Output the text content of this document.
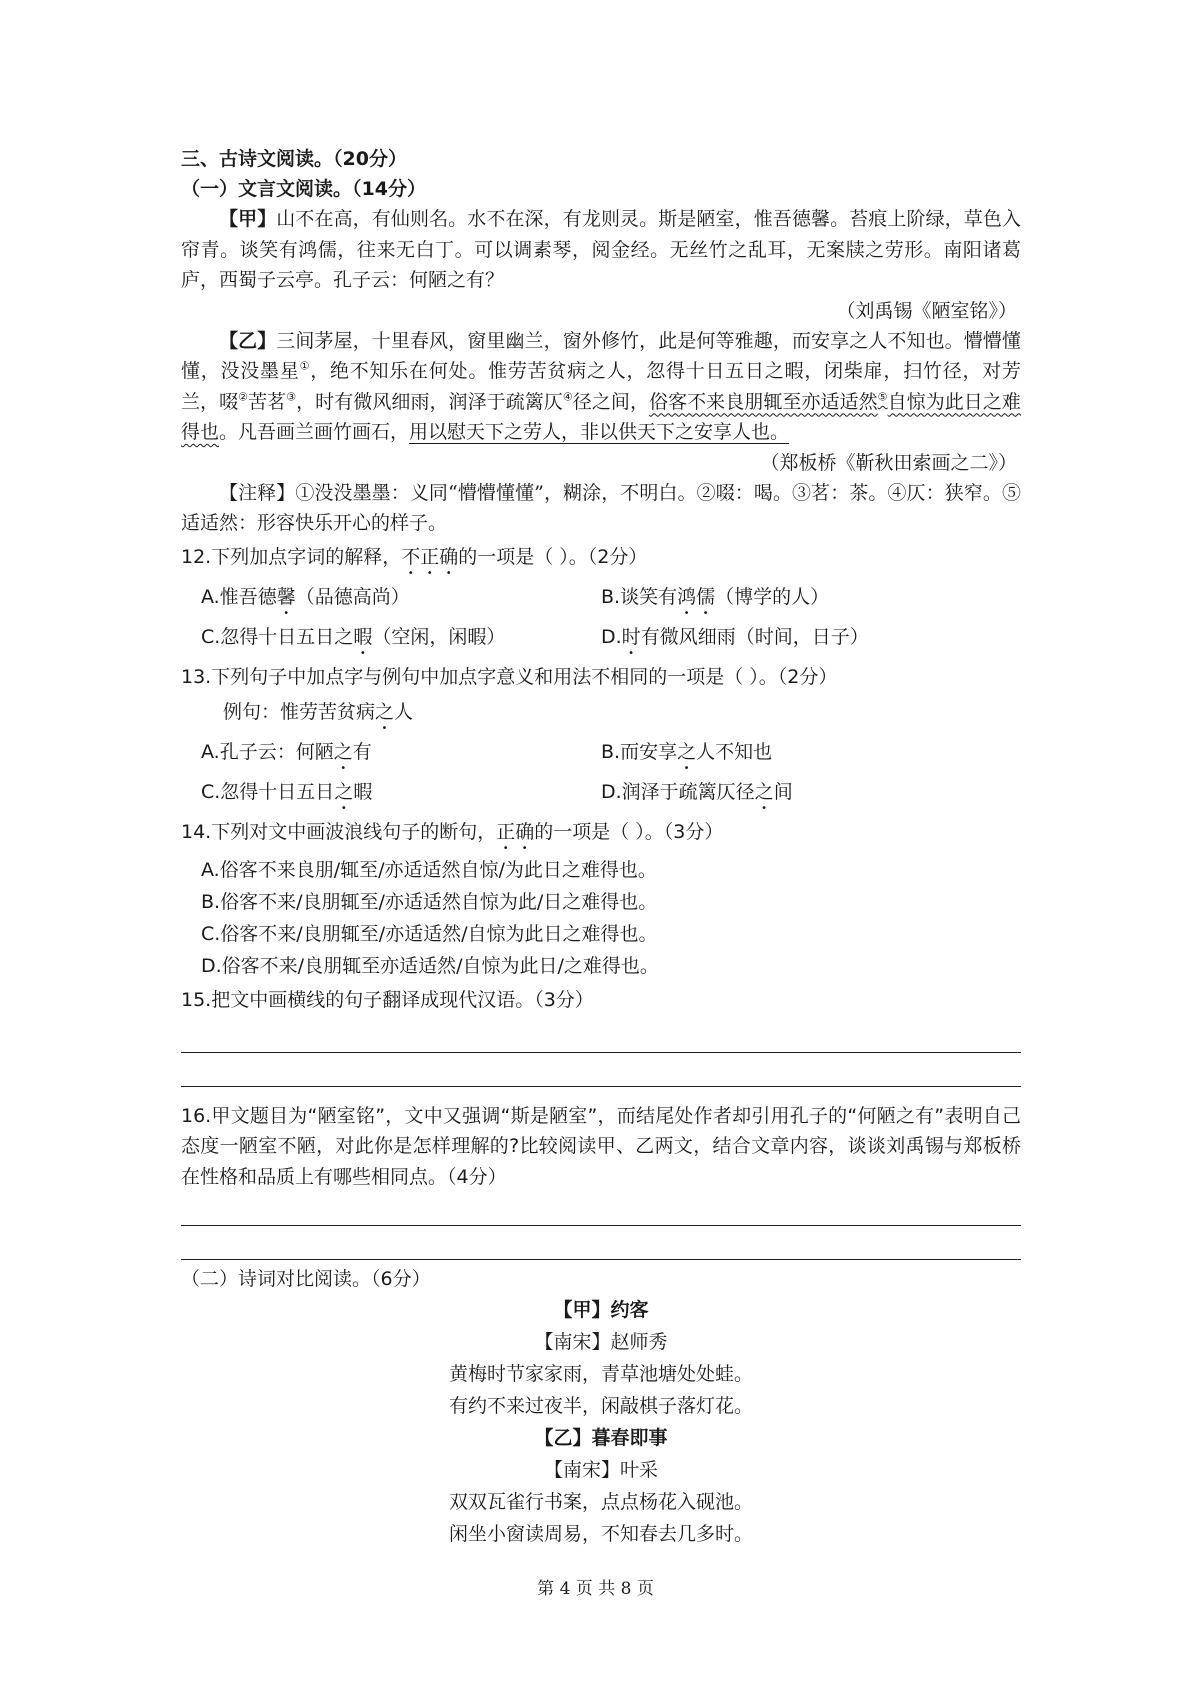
三、古诗文阅读。（20分）
（一）文言文阅读。（14分）
【甲】山不在高，有仙则名。水不在深，有龙则灵。斯是陋室，惟吾德馨。苔痕上阶绿，草色入帘青。谈笑有鸿儒，往来无白丁。可以调素琴，阅金经。无丝竹之乱耳，无案牍之劳形。南阳诸葛庐，西蜀子云亭。孔子云：何陋之有？
（刘禹锡《陋室铭》）
【乙】三间茅屋，十里春风，窗里幽兰，窗外修竹，此是何等雅趣，而安享之人不知也。懵懵懂懂，没没墨星①，绝不知乐在何处。惟劳苦贫病之人，忽得十日五日之暇，闭柴扉，扫竹径，对芳兰，啜②苦茗③，时有微风细雨，润泽于疏篱仄④径之间，俗客不来良朋辄至亦适适然⑤自惊为此日之难得也。凡吾画兰画竹画石，用以慰天下之劳人，非以供天下之安享人也。
（郑板桥《靳秋田索画之二》）
【注释】①没没墨墨：义同“懵懵懂懂”，糊涂，不明白。②啜：喝。③茗：茶。④仄：狭窄。⑤适适然：形容快乐开心的样子。
12.下列加点字词的解释，不正确的一项是（ ）。（2分）
A.惟吾德馨（品德高尚）	B.谈笑有鸿儒（博学的人）
C.忽得十日五日之暇（空闲，闲暇）	D.时有微风细雨（时间，日子）
13.下列句子中加点字与例句中加点字意义和用法不相同的一项是（ ）。（2分）
例句：惟劳苦贫病之人
A.孔子云：何陋之有	B.而安享之人不知也
C.忽得十日五日之暇	D.润泽于疏篱仄径之间
14.下列对文中画波浪线句子的断句，正确的一项是（ ）。（3分）
A.俗客不来良朋/辄至/亦适适然自惊/为此日之难得也。
B.俗客不来/良朋辄至/亦适适然自惊为此/日之难得也。
C.俗客不来/良朋辄至/亦适适然/自惊为此日之难得也。
D.俗客不来/良朋辄至亦适适然/自惊为此日/之难得也。
15.把文中画横线的句子翻译成现代汉语。（3分）
16.甲文题目为“陋室铭”，文中又强调“斯是陋室”，而结尾处作者却引用孔子的“何陋之有”表明自己态度一陋室不陋，对此你是怎样理解的?比较阅读甲、乙两文，结合文章内容，谈谈刘禹锡与郑板桥在性格和品质上有哪些相同点。（4分）
（二）诗词对比阅读。（6分）
【甲】约客
【南宋】赵师秀
黄梅时节家家雨，青草池塘处处蛙。
有约不来过夜半，闲敲棋子落灯花。
【乙】暮春即事
【南宋】叶采
双双瓦雀行书案，点点杨花入砚池。
闲坐小窗读周易，不知春去几多时。
第 4 页 共 8 页
